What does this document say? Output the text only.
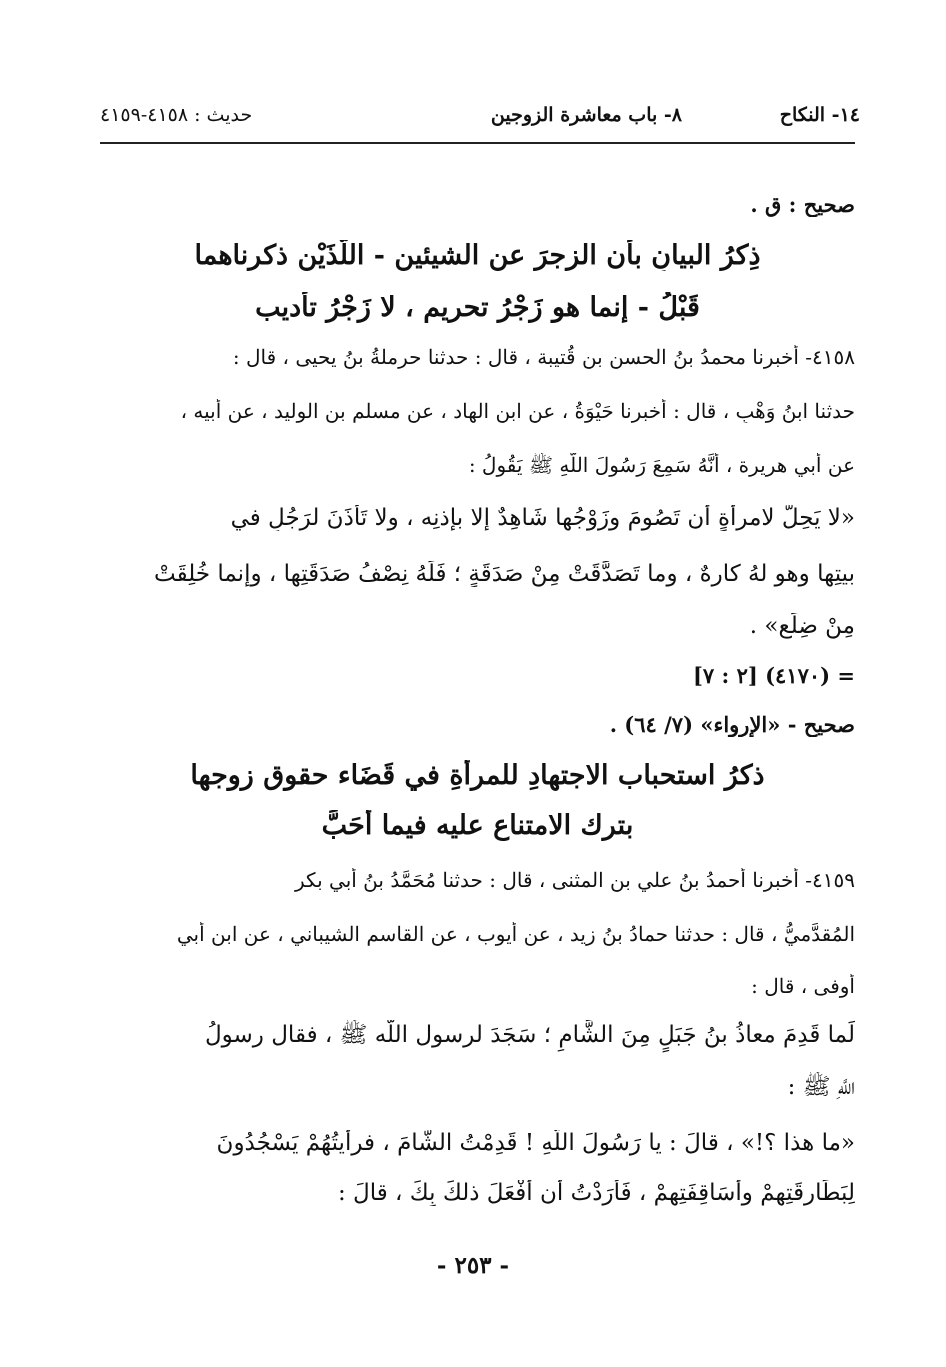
١٤- النكاح
٨- باب معاشرة الزوجين
حديث : ٤١٥٨-٤١٥٩
صحيح : ق .
ذِكرُ البيانِ بأن الزجرَ عن الشيئين - اللَّذَيْن ذكرناهما
قَبْلُ - إنما هو زَجْرُ تحريم ، لا زَجْرُ تأديب
٤١٥٨- أخبرنا محمدُ بنُ الحسن بن قُتيبة ، قال : حدثنا حرملةُ بنُ يحيى ، قال :
حدثنا ابنُ وَهْبٍ ، قال : أخبرنا حَيْوَةُ ، عن ابنِ الهاد ، عن مسلم بن الوليد ، عن أبيه ،
عن أبي هريرة ، أنَّهُ سَمِعَ رَسُولَ اللَّهِ ﷺ يَقُولُ :
«لا يَحِلُّ لامرأةٍ أن تَصُومَ وزَوْجُها شَاهِدٌ إلا بإذنِه ، ولا تَأْذَنَ لرَجُلٍ في
بيتِها وهو لهُ كارِهٌ ، وما تَصَدَّقَتْ مِنْ صَدَقَةٍ ؛ فَلَهُ نِصْفُ صَدَقَتِها ، وإنما خُلِقَتْ
مِنْ ضِلَعٍ» .
= (٤١٧٠) [٢ : ٧]
صحيح - «الإرواء» (٧/ ٦٤) .
ذكرُ استحباب الاجتهادِ للمرأةِ في قَضَاء حقوقِ زوجها
بترك الامتناع عليه فيما أَحَبَّ
٤١٥٩- أخبرنا أحمدُ بنُ علي بن المثنى ، قال : حدثنا مُحَمَّدُ بنُ أبي بكر
المُقدَّميُّ ، قال : حدثنا حمادُ بنُ زيد ، عن أيوب ، عن القاسم الشيباني ، عن ابن أبي
أوفى ، قال :
لَما قَدِمَ معاذُ بنُ جَبَلٍ مِنَ الشَّامِ ؛ سَجَدَ لرسول اللَّه ﷺ ، فقال رسولُ
اللَّهِ ﷺ :
«ما هذا ؟!» ، قالَ : يا رَسُولَ اللَّهِ ! قَدِمْتُ الشَّامَ ، فرأيتُهُمْ يَسْجُدُونَ
لِبَطَارِقَتِهِمْ وأَسَاقِفَتِهِمْ ، فَأَرَدْتُ أن أَفْعَلَ ذلكَ بِكَ ، قالَ :
- ٢٥٣ -
